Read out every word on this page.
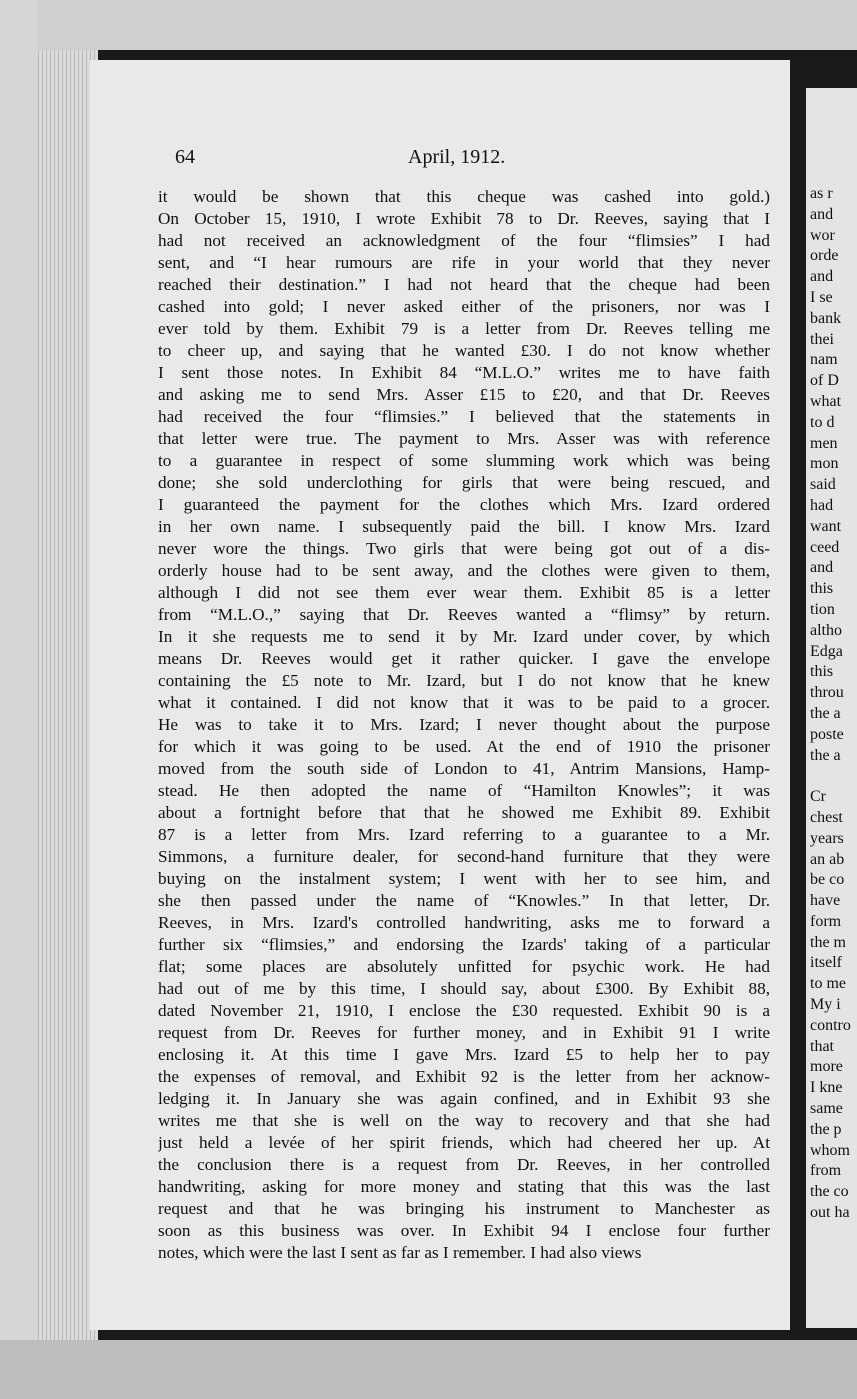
as r
and
wor
orde
and
I se
bank
thei
nam
of D
what
to d
men
mon
said
had
want
ceed
and
this
tion
altho
Edga
this
throu
the a
poste
the a
Cr
chest
years
an ab
be co
have
form
the m
itself
to me
My i
contro
that
more
I kne
same
the p
whom
from
the co
out ha
64	April, 1912.
it would be shown that this cheque was cashed into gold.)
On October 15, 1910, I wrote Exhibit 78 to Dr. Reeves, saying that I
had not received an acknowledgment of the four “flimsies” I had
sent, and “I hear rumours are rife in your world that they never
reached their destination.” I had not heard that the cheque had been
cashed into gold; I never asked either of the prisoners, nor was I
ever told by them. Exhibit 79 is a letter from Dr. Reeves telling me
to cheer up, and saying that he wanted £30. I do not know whether
I sent those notes. In Exhibit 84 “M.L.O.” writes me to have faith
and asking me to send Mrs. Asser £15 to £20, and that Dr. Reeves
had received the four “flimsies.” I believed that the statements in
that letter were true. The payment to Mrs. Asser was with reference
to a guarantee in respect of some slumming work which was being
done; she sold underclothing for girls that were being rescued, and
I guaranteed the payment for the clothes which Mrs. Izard ordered
in her own name. I subsequently paid the bill. I know Mrs. Izard
never wore the things. Two girls that were being got out of a dis-
orderly house had to be sent away, and the clothes were given to them,
although I did not see them ever wear them. Exhibit 85 is a letter
from “M.L.O.,” saying that Dr. Reeves wanted a “flimsy” by return.
In it she requests me to send it by Mr. Izard under cover, by which
means Dr. Reeves would get it rather quicker. I gave the envelope
containing the £5 note to Mr. Izard, but I do not know that he knew
what it contained. I did not know that it was to be paid to a grocer.
He was to take it to Mrs. Izard; I never thought about the purpose
for which it was going to be used. At the end of 1910 the prisoner
moved from the south side of London to 41, Antrim Mansions, Hamp-
stead. He then adopted the name of “Hamilton Knowles”; it was
about a fortnight before that that he showed me Exhibit 89. Exhibit
87 is a letter from Mrs. Izard referring to a guarantee to a Mr.
Simmons, a furniture dealer, for second-hand furniture that they were
buying on the instalment system; I went with her to see him, and
she then passed under the name of “Knowles.” In that letter, Dr.
Reeves, in Mrs. Izard's controlled handwriting, asks me to forward a
further six “flimsies,” and endorsing the Izards' taking of a particular
flat; some places are absolutely unfitted for psychic work. He had
had out of me by this time, I should say, about £300. By Exhibit 88,
dated November 21, 1910, I enclose the £30 requested. Exhibit 90 is a
request from Dr. Reeves for further money, and in Exhibit 91 I write
enclosing it. At this time I gave Mrs. Izard £5 to help her to pay
the expenses of removal, and Exhibit 92 is the letter from her acknow-
ledging it. In January she was again confined, and in Exhibit 93 she
writes me that she is well on the way to recovery and that she had
just held a levée of her spirit friends, which had cheered her up. At
the conclusion there is a request from Dr. Reeves, in her controlled
handwriting, asking for more money and stating that this was the last
request and that he was bringing his instrument to Manchester as
soon as this business was over. In Exhibit 94 I enclose four further
notes, which were the last I sent as far as I remember. I had also views
